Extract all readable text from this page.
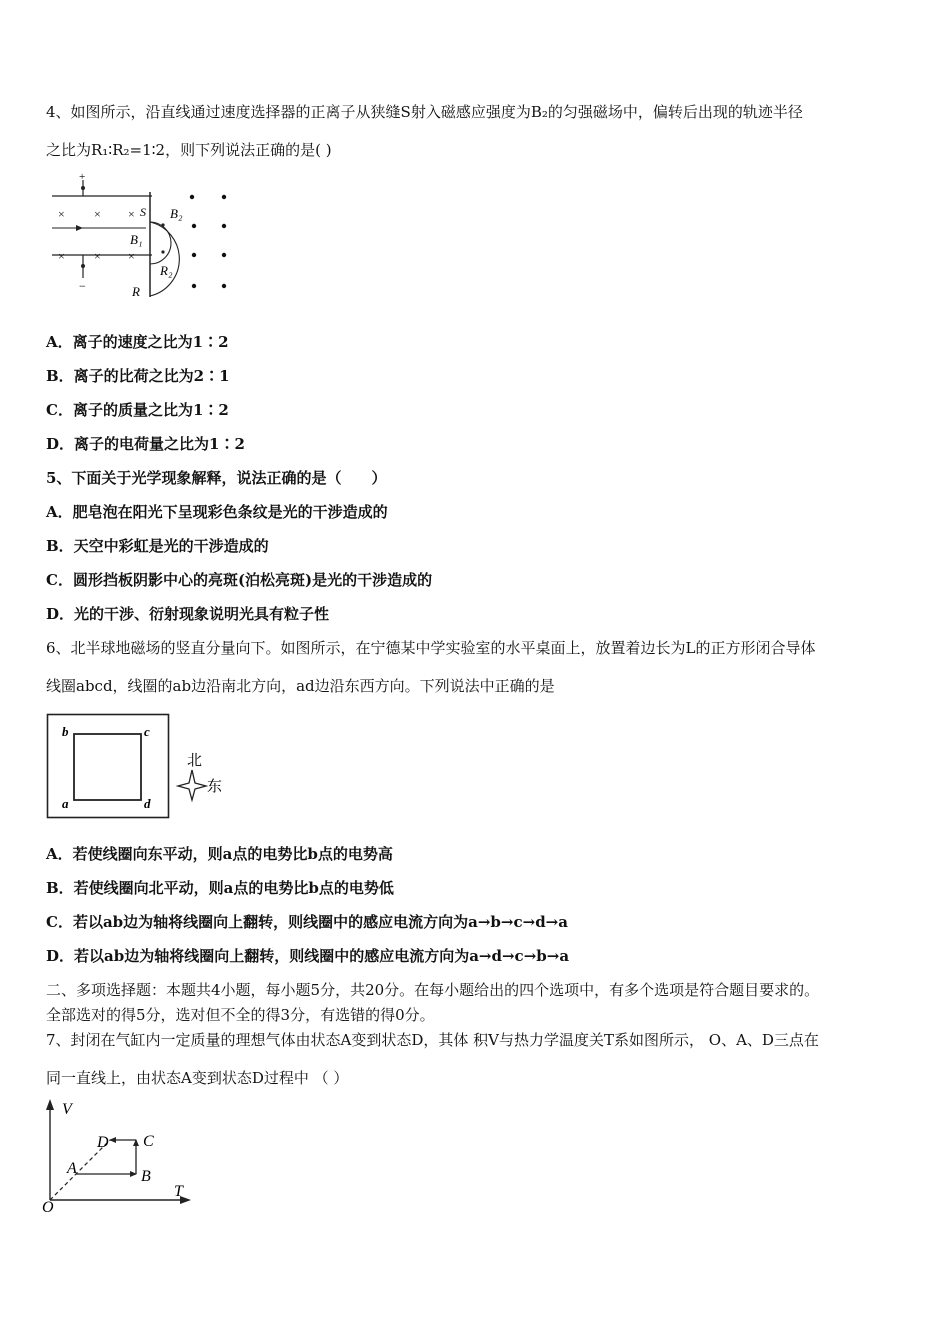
4、如图所示，沿直线通过速度选择器的正离子从狭缝S射入磁感应强度为B₂的匀强磁场中，偏转后出现的轨迹半径
之比为R₁∶R₂=1∶2，则下列说法正确的是( )
+
−
× × ×
× × ×
S B₂
B₁
R₂
R
A．离子的速度之比为1∶2
B．离子的比荷之比为2∶1
C．离子的质量之比为1∶2
D．离子的电荷量之比为1∶2
5、下面关于光学现象解释，说法正确的是（　　）
A．肥皂泡在阳光下呈现彩色条纹是光的干涉造成的
B．天空中彩虹是光的干涉造成的
C．圆形挡板阴影中心的亮斑(泊松亮斑)是光的干涉造成的
D．光的干涉、衍射现象说明光具有粒子性
6、北半球地磁场的竖直分量向下。如图所示，在宁德某中学实验室的水平桌面上，放置着边长为L的正方形闭合导体
线圈abcd，线圈的ab边沿南北方向，ad边沿东西方向。下列说法中正确的是
b	c
a	d
北
东
A．若使线圈向东平动，则a点的电势比b点的电势高
B．若使线圈向北平动，则a点的电势比b点的电势低
C．若以ab边为轴将线圈向上翻转，则线圈中的感应电流方向为a→b→c→d→a
D．若以ab边为轴将线圈向上翻转，则线圈中的感应电流方向为a→d→c→b→a
二、多项选择题：本题共4小题，每小题5分，共20分。在每小题给出的四个选项中，有多个选项是符合题目要求的。
全部选对的得5分，选对但不全的得3分，有选错的得0分。
7、封闭在气缸内一定质量的理想气体由状态A变到状态D，其体 积V与热力学温度关T系如图所示， O、A、D三点在
同一直线上，由状态A变到状态D过程中 （ ）
V
T
O
A	B
C
D
